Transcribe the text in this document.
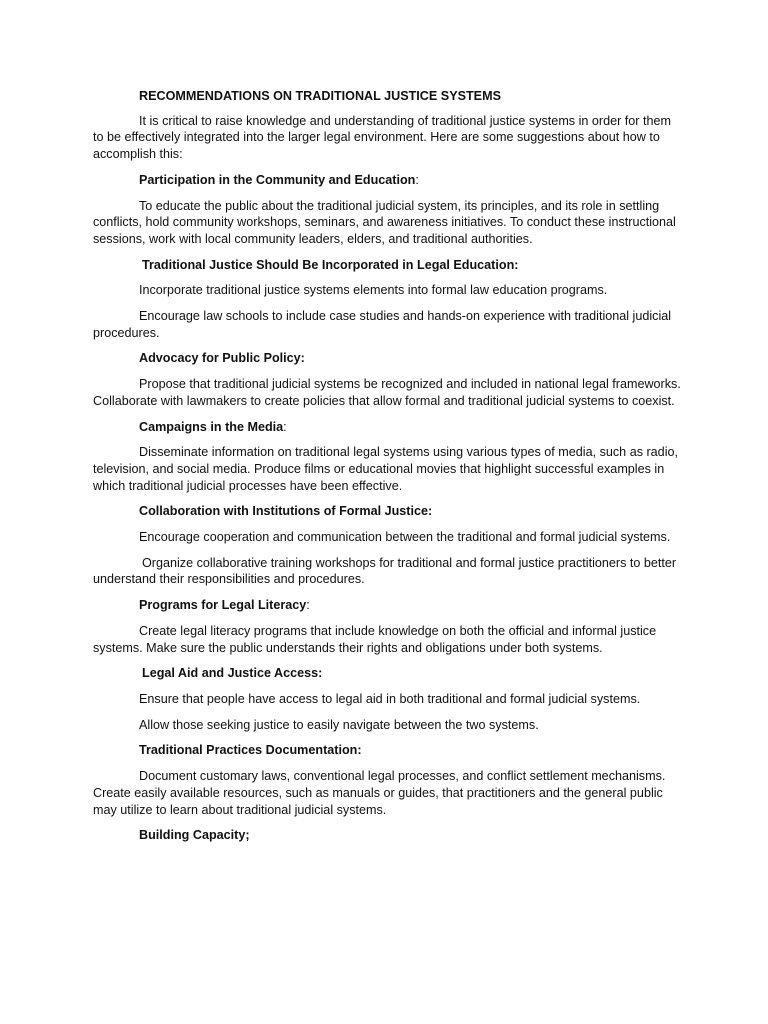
RECOMMENDATIONS ON TRADITIONAL JUSTICE SYSTEMS

It is critical to raise knowledge and understanding of traditional justice systems in order for them to be effectively integrated into the larger legal environment. Here are some suggestions about how to accomplish this:

Participation in the Community and Education:

To educate the public about the traditional judicial system, its principles, and its role in settling conflicts, hold community workshops, seminars, and awareness initiatives. To conduct these instructional sessions, work with local community leaders, elders, and traditional authorities.

Traditional Justice Should Be Incorporated in Legal Education:

Incorporate traditional justice systems elements into formal law education programs.

Encourage law schools to include case studies and hands-on experience with traditional judicial procedures.

Advocacy for Public Policy:

Propose that traditional judicial systems be recognized and included in national legal frameworks. Collaborate with lawmakers to create policies that allow formal and traditional judicial systems to coexist.

Campaigns in the Media:

Disseminate information on traditional legal systems using various types of media, such as radio, television, and social media. Produce films or educational movies that highlight successful examples in which traditional judicial processes have been effective.

Collaboration with Institutions of Formal Justice:

Encourage cooperation and communication between the traditional and formal judicial systems.

Organize collaborative training workshops for traditional and formal justice practitioners to better understand their responsibilities and procedures.

Programs for Legal Literacy:

Create legal literacy programs that include knowledge on both the official and informal justice systems. Make sure the public understands their rights and obligations under both systems.

Legal Aid and Justice Access:

Ensure that people have access to legal aid in both traditional and formal judicial systems.

Allow those seeking justice to easily navigate between the two systems.

Traditional Practices Documentation:

Document customary laws, conventional legal processes, and conflict settlement mechanisms. Create easily available resources, such as manuals or guides, that practitioners and the general public may utilize to learn about traditional judicial systems.

Building Capacity;
